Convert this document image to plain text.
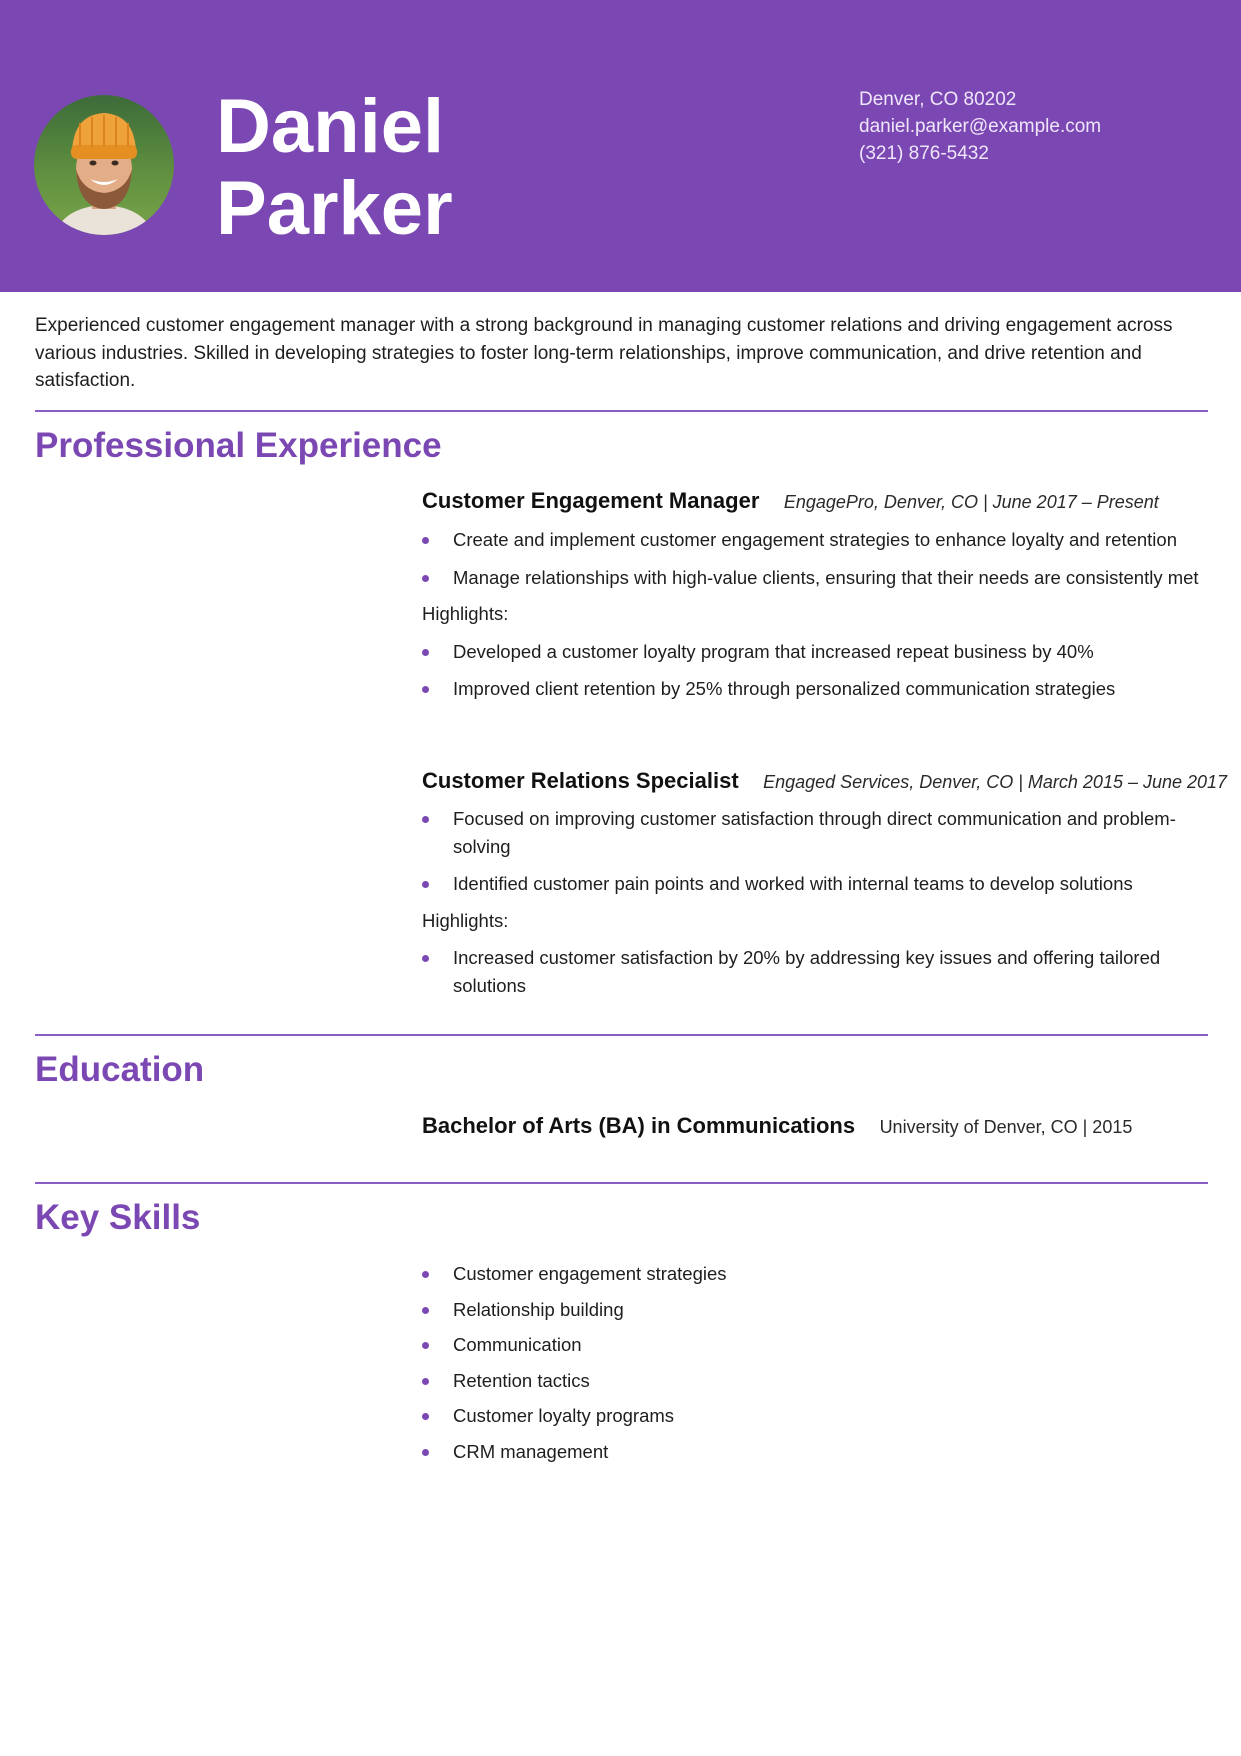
Daniel
Parker
Denver, CO 80202
daniel.parker@example.com
(321) 876-5432
Experienced customer engagement manager with a strong background in managing customer relations and driving engagement across various industries. Skilled in developing strategies to foster long-term relationships, improve communication, and drive retention and satisfaction.
Professional Experience
Customer Engagement Manager EngagePro, Denver, CO | June 2017 – Present
Create and implement customer engagement strategies to enhance loyalty and retention
Manage relationships with high-value clients, ensuring that their needs are consistently met
Highlights:
Developed a customer loyalty program that increased repeat business by 40%
Improved client retention by 25% through personalized communication strategies
Customer Relations Specialist Engaged Services, Denver, CO | March 2015 – June 2017
Focused on improving customer satisfaction through direct communication and problem-solving
Identified customer pain points and worked with internal teams to develop solutions
Highlights:
Increased customer satisfaction by 20% by addressing key issues and offering tailored solutions
Education
Bachelor of Arts (BA) in Communications University of Denver, CO | 2015
Key Skills
Customer engagement strategies
Relationship building
Communication
Retention tactics
Customer loyalty programs
CRM management
